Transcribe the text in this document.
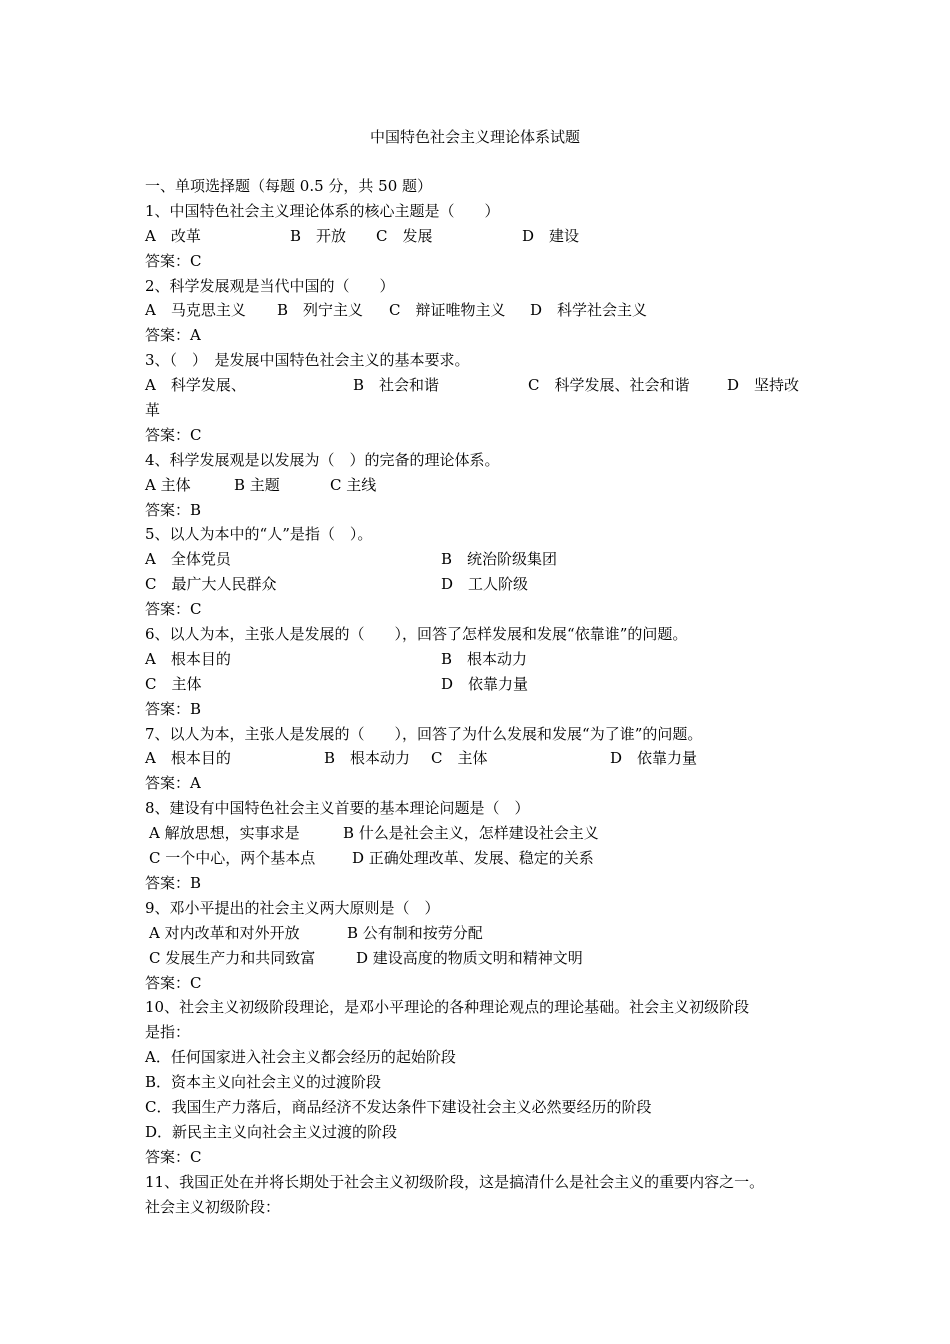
中国特色社会主义理论体系试题
一、单项选择题（每题 0.5 分，共 50 题）
1、中国特色社会主义理论体系的核心主题是（　　）
A　改革	B　开放 C　发展	D　建设
答案：C
2、科学发展观是当代中国的（　　）
A　马克思主义 B　列宁主义 C　辩证唯物主义 D　科学社会主义
答案：A
3、（　）　是发展中国特色社会主义的基本要求。
A　科学发展、	B　社会和谐	C　科学发展、社会和谐	D　坚持改
革
答案：C
4、科学发展观是以发展为（　）的完备的理论体系。
A 主体	B 主题	C 主线
答案：B
5、以人为本中的“人”是指（　）。
A　全体党员	B　统治阶级集团
C　最广大人民群众	D　工人阶级
答案：C
6、以人为本，主张人是发展的（　　），回答了怎样发展和发展“依靠谁”的问题。
A　根本目的	B　根本动力
C　主体	D　依靠力量
答案：B
7、以人为本，主张人是发展的（　　），回答了为什么发展和发展“为了谁”的问题。
A　根本目的	B　根本动力 C　主体	D　依靠力量
答案：A
8、建设有中国特色社会主义首要的基本理论问题是（　）
A 解放思想，实事求是	B 什么是社会主义，怎样建设社会主义
C 一个中心，两个基本点 D 正确处理改革、发展、稳定的关系
答案：B
9、邓小平提出的社会主义两大原则是（　）
A 对内改革和对外开放	B 公有制和按劳分配
C 发展生产力和共同致富	D 建设高度的物质文明和精神文明
答案：C
10、社会主义初级阶段理论，是邓小平理论的各种理论观点的理论基础。社会主义初级阶段
是指：
A．任何国家进入社会主义都会经历的起始阶段
B．资本主义向社会主义的过渡阶段
C．我国生产力落后，商品经济不发达条件下建设社会主义必然要经历的阶段
D．新民主主义向社会主义过渡的阶段
答案：C
11、我国正处在并将长期处于社会主义初级阶段，这是搞清什么是社会主义的重要内容之一。
社会主义初级阶段：
